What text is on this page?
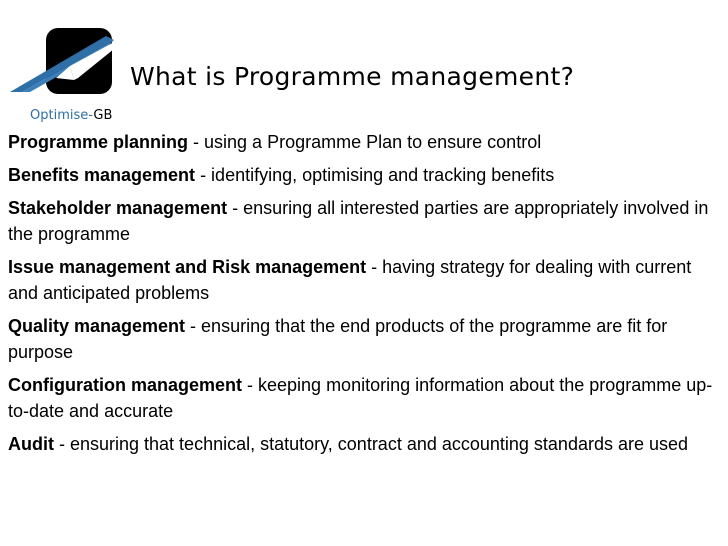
Optimise-GB
What is Programme management?
Programme planning - using a Programme Plan to ensure control
Benefits management - identifying, optimising and tracking benefits
Stakeholder management - ensuring all interested parties are appropriately involved in the programme
Issue management and Risk management - having strategy for dealing with current and anticipated problems
Quality management - ensuring that the end products of the programme are fit for purpose
Configuration management - keeping monitoring information about the programme up-to-date and accurate
Audit - ensuring that technical, statutory, contract and accounting standards are used
